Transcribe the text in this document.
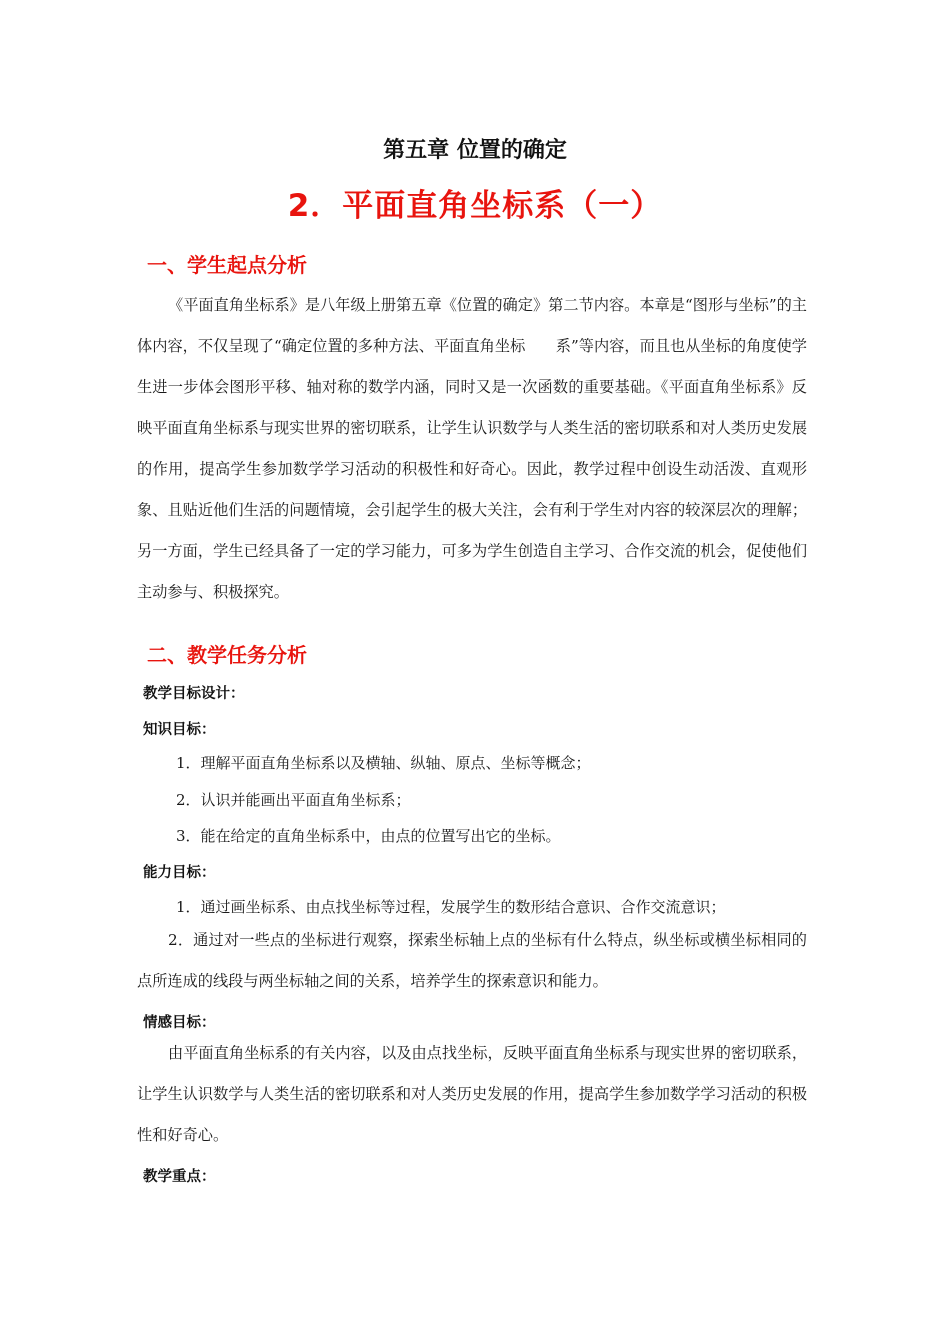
第五章 位置的确定
2．平面直角坐标系（一）
一、学生起点分析

《平面直角坐标系》是八年级上册第五章《位置的确定》第二节内容。本章是“图形与坐标”的主体内容，不仅呈现了“确定位置的多种方法、平面直角坐标　　系”等内容，而且也从坐标的角度使学生进一步体会图形平移、轴对称的数学内涵，同时又是一次函数的重要基础。《平面直角坐标系》反映平面直角坐标系与现实世界的密切联系，让学生认识数学与人类生活的密切联系和对人类历史发展的作用，提高学生参加数学学习活动的积极性和好奇心。因此，教学过程中创设生动活泼、直观形象、且贴近他们生活的问题情境，会引起学生的极大关注，会有利于学生对内容的较深层次的理解；另一方面，学生已经具备了一定的学习能力，可多为学生创造自主学习、合作交流的机会，促使他们主动参与、积极探究。

二、教学任务分析

教学目标设计：

知识目标：

1．理解平面直角坐标系以及横轴、纵轴、原点、坐标等概念；

2．认识并能画出平面直角坐标系；

3．能在给定的直角坐标系中，由点的位置写出它的坐标。

能力目标：

1．通过画坐标系、由点找坐标等过程，发展学生的数形结合意识、合作交流意识；

2．通过对一些点的坐标进行观察，探索坐标轴上点的坐标有什么特点，纵坐标或横坐标相同的点所连成的线段与两坐标轴之间的关系，培养学生的探索意识和能力。

情感目标：

由平面直角坐标系的有关内容，以及由点找坐标，反映平面直角坐标系与现实世界的密切联系，让学生认识数学与人类生活的密切联系和对人类历史发展的作用，提高学生参加数学学习活动的积极性和好奇心。

教学重点：
